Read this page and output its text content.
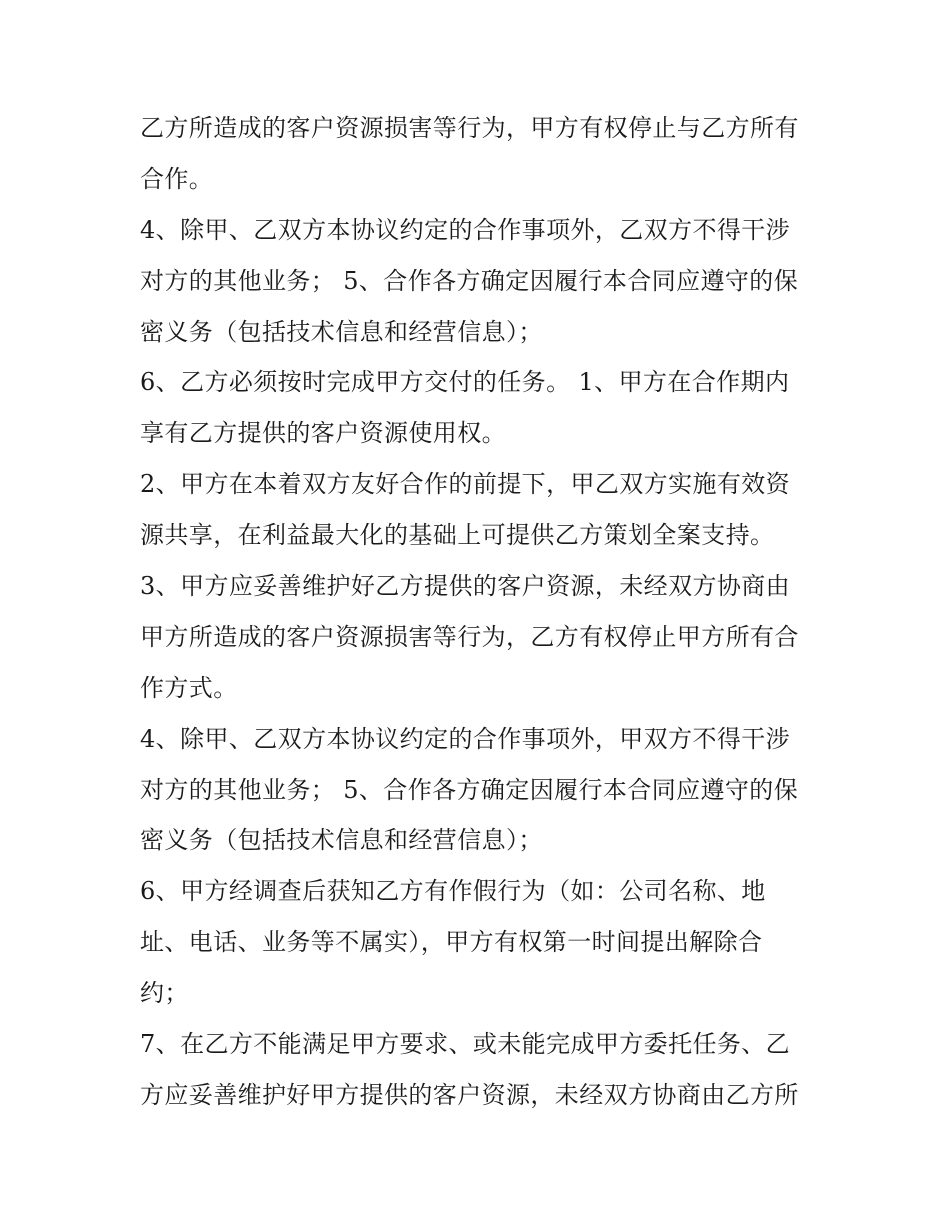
乙方所造成的客户资源损害等行为，甲方有权停止与乙方所有
合作。
4、除甲、乙双方本协议约定的合作事项外，乙双方不得干涉
对方的其他业务； 5、合作各方确定因履行本合同应遵守的保
密义务（包括技术信息和经营信息）；
6、乙方必须按时完成甲方交付的任务。 1、甲方在合作期内
享有乙方提供的客户资源使用权。
2、甲方在本着双方友好合作的前提下，甲乙双方实施有效资
源共享，在利益最大化的基础上可提供乙方策划全案支持。
3、甲方应妥善维护好乙方提供的客户资源，未经双方协商由
甲方所造成的客户资源损害等行为，乙方有权停止甲方所有合
作方式。
4、除甲、乙双方本协议约定的合作事项外，甲双方不得干涉
对方的其他业务； 5、合作各方确定因履行本合同应遵守的保
密义务（包括技术信息和经营信息）；
6、甲方经调查后获知乙方有作假行为（如：公司名称、地
址、电话、业务等不属实），甲方有权第一时间提出解除合
约；
7、在乙方不能满足甲方要求、或未能完成甲方委托任务、乙
方应妥善维护好甲方提供的客户资源，未经双方协商由乙方所
